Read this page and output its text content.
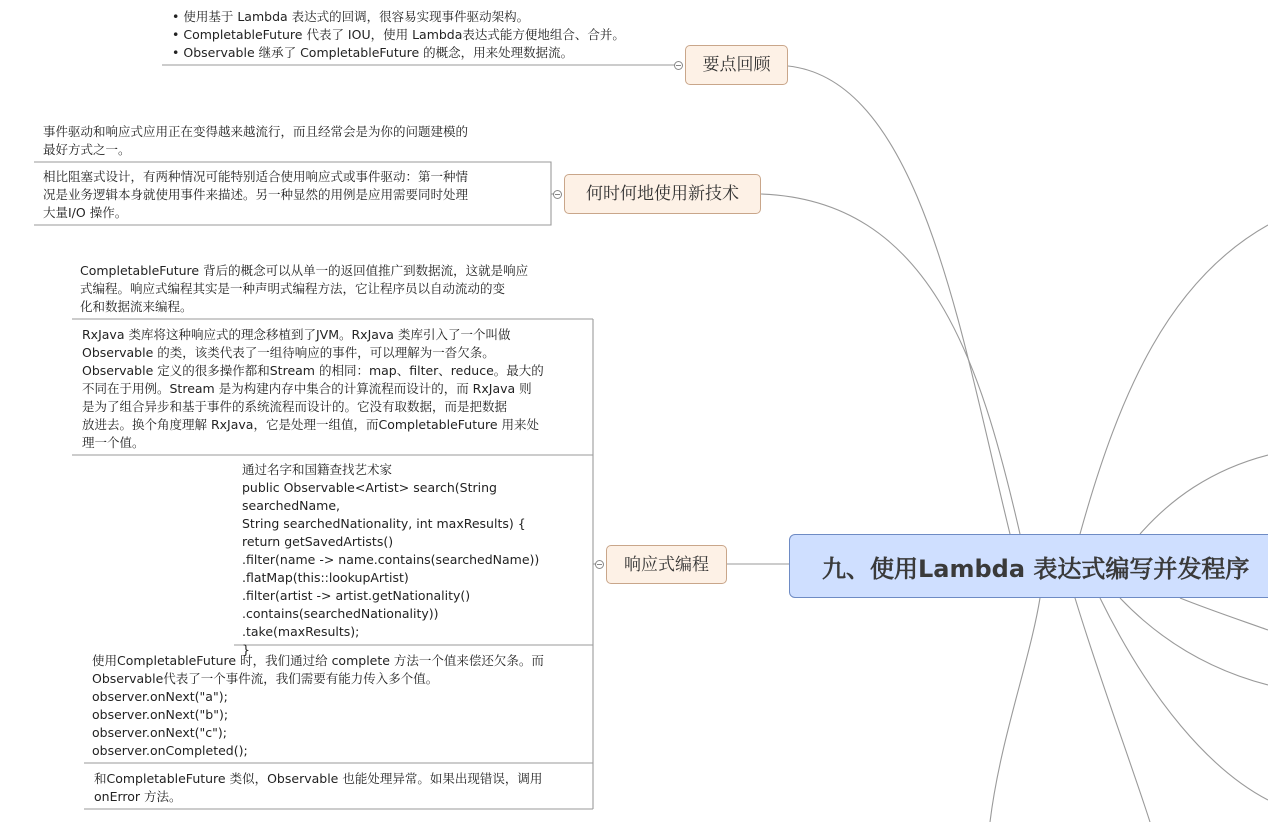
• 使用基于 Lambda 表达式的回调，很容易实现事件驱动架构。
• CompletableFuture 代表了 IOU，使用 Lambda表达式能方便地组合、合并。
• Observable 继承了 CompletableFuture 的概念，用来处理数据流。
要点回顾
事件驱动和响应式应用正在变得越来越流行，而且经常会是为你的问题建模的
最好方式之一。
相比阻塞式设计，有两种情况可能特别适合使用响应式或事件驱动：第一种情
况是业务逻辑本身就使用事件来描述。另一种显然的用例是应用需要同时处理
大量I/O 操作。
何时何地使用新技术
CompletableFuture 背后的概念可以从单一的返回值推广到数据流，这就是响应
式编程。响应式编程其实是一种声明式编程方法，它让程序员以自动流动的变
化和数据流来编程。
RxJava 类库将这种响应式的理念移植到了JVM。RxJava 类库引入了一个叫做
Observable 的类，该类代表了一组待响应的事件，可以理解为一沓欠条。
Observable 定义的很多操作都和Stream 的相同：map、filter、reduce。最大的
不同在于用例。Stream 是为构建内存中集合的计算流程而设计的，而 RxJava 则
是为了组合异步和基于事件的系统流程而设计的。它没有取数据，而是把数据
放进去。换个角度理解 RxJava，它是处理一组值，而CompletableFuture 用来处
理一个值。
通过名字和国籍查找艺术家
public Observable<Artist> search(String searchedName,
String searchedNationality, int maxResults) {
return getSavedArtists()
.filter(name -> name.contains(searchedName))
.flatMap(this::lookupArtist)
.filter(artist -> artist.getNationality()
.contains(searchedNationality))
.take(maxResults);
}
使用CompletableFuture 时，我们通过给 complete 方法一个值来偿还欠条。而
Observable代表了一个事件流，我们需要有能力传入多个值。
observer.onNext("a");
observer.onNext("b");
observer.onNext("c");
observer.onCompleted();
和CompletableFuture 类似，Observable 也能处理异常。如果出现错误，调用
onError 方法。
响应式编程	九、使用Lambda 表达式编写并发程序
